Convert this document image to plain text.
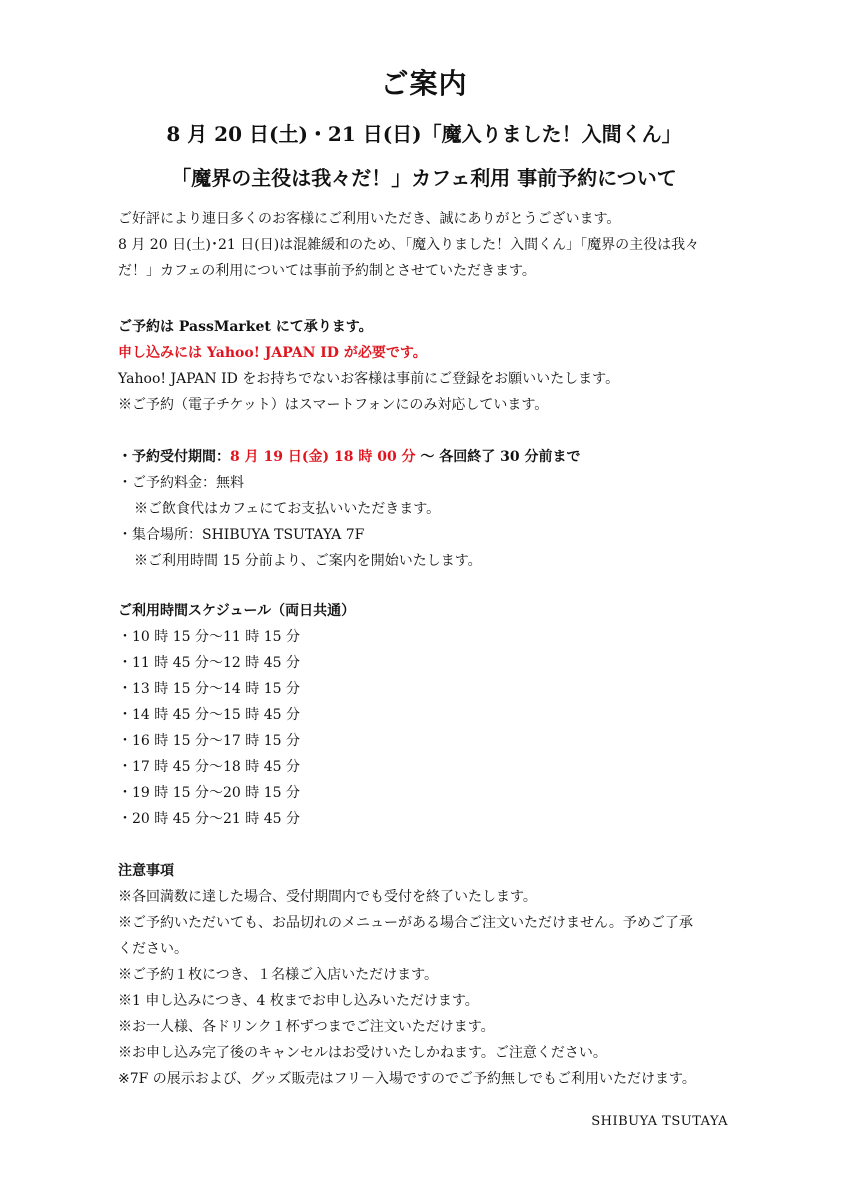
ご案内
8 月 20 日(土)・21 日(日)「魔入りました！入間くん」
「魔界の主役は我々だ！」カフェ利用 事前予約について
ご好評により連日多くのお客様にご利用いただき、誠にありがとうございます。
8 月 20 日(土)･21 日(日)は混雑緩和のため､「魔入りました！入間くん」｢魔界の主役は我々
だ！」カフェの利用については事前予約制とさせていただきます。
ご予約は PassMarket にて承ります。
申し込みには Yahoo! JAPAN ID が必要です。
Yahoo! JAPAN ID をお持ちでないお客様は事前にご登録をお願いいたします。
※ご予約（電子チケット）はスマートフォンにのみ対応しています。
・予約受付期間：8 月 19 日(金) 18 時 00 分 ～ 各回終了 30 分前まで
・ご予約料金：無料
※ご飲食代はカフェにてお支払いいただきます。
・集合場所：SHIBUYA TSUTAYA 7F
※ご利用時間 15 分前より、ご案内を開始いたします。
ご利用時間スケジュール（両日共通）
・10 時 15 分～11 時 15 分
・11 時 45 分～12 時 45 分
・13 時 15 分～14 時 15 分
・14 時 45 分～15 時 45 分
・16 時 15 分～17 時 15 分
・17 時 45 分～18 時 45 分
・19 時 15 分～20 時 15 分
・20 時 45 分～21 時 45 分
注意事項
※各回満数に達した場合、受付期間内でも受付を終了いたします。
※ご予約いただいても、お品切れのメニューがある場合ご注文いただけません。予めご了承
ください。
※ご予約１枚につき、１名様ご入店いただけます。
※1 申し込みにつき、4 枚までお申し込みいただけます。
※お一人様、各ドリンク１杯ずつまでご注文いただけます。
※お申し込み完了後のキャンセルはお受けいたしかねます。ご注意ください。
※7F の展示および、グッズ販売はフリ－入場ですのでご予約無しでもご利用いただけます。
SHIBUYA TSUTAYA
